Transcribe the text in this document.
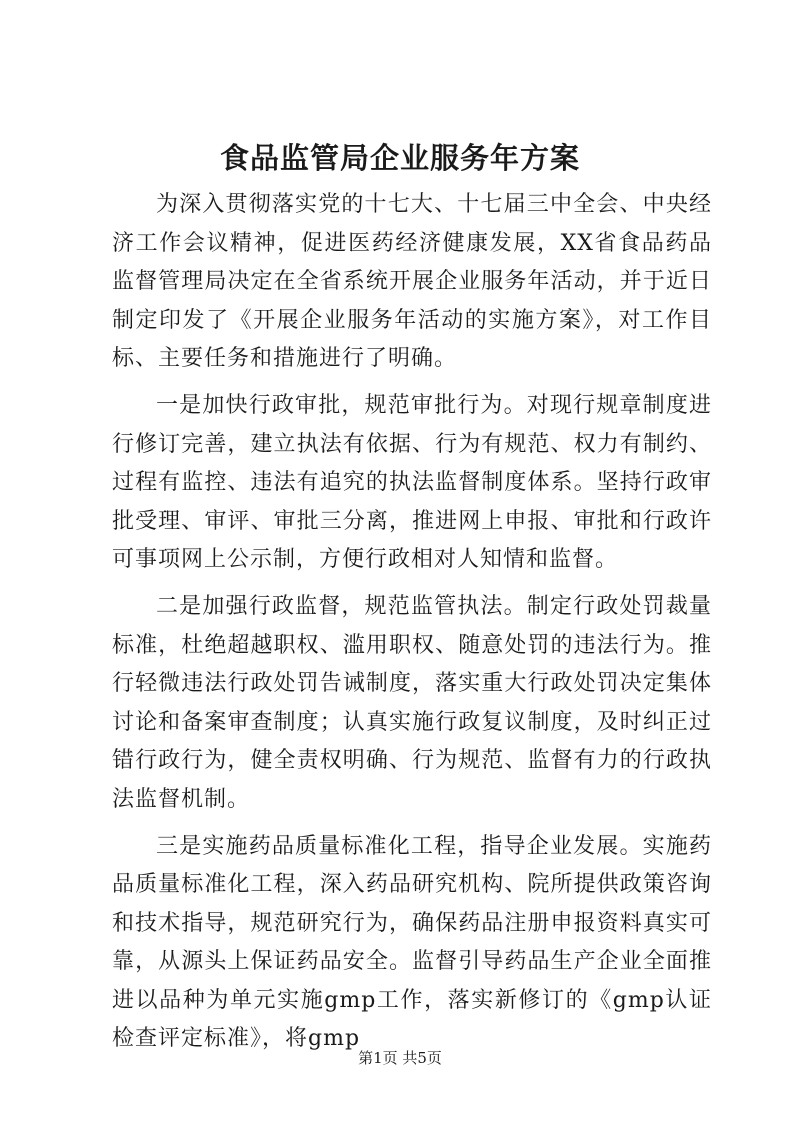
食品监管局企业服务年方案

为深入贯彻落实党的十七大、十七届三中全会、中央经济工作会议精神，促进医药经济健康发展，XX省食品药品监督管理局决定在全省系统开展企业服务年活动，并于近日制定印发了《开展企业服务年活动的实施方案》，对工作目标、主要任务和措施进行了明确。

一是加快行政审批，规范审批行为。对现行规章制度进行修订完善，建立执法有依据、行为有规范、权力有制约、过程有监控、违法有追究的执法监督制度体系。坚持行政审批受理、审评、审批三分离，推进网上申报、审批和行政许可事项网上公示制，方便行政相对人知情和监督。

二是加强行政监督，规范监管执法。制定行政处罚裁量标准，杜绝超越职权、滥用职权、随意处罚的违法行为。推行轻微违法行政处罚告诫制度，落实重大行政处罚决定集体讨论和备案审查制度；认真实施行政复议制度，及时纠正过错行政行为，健全责权明确、行为规范、监督有力的行政执法监督机制。

三是实施药品质量标准化工程，指导企业发展。实施药品质量标准化工程，深入药品研究机构、院所提供政策咨询和技术指导，规范研究行为，确保药品注册申报资料真实可靠，从源头上保证药品安全。监督引导药品生产企业全面推进以品种为单元实施gmp工作，落实新修订的《gmp认证检查评定标准》，将gmp

第1页 共5页
